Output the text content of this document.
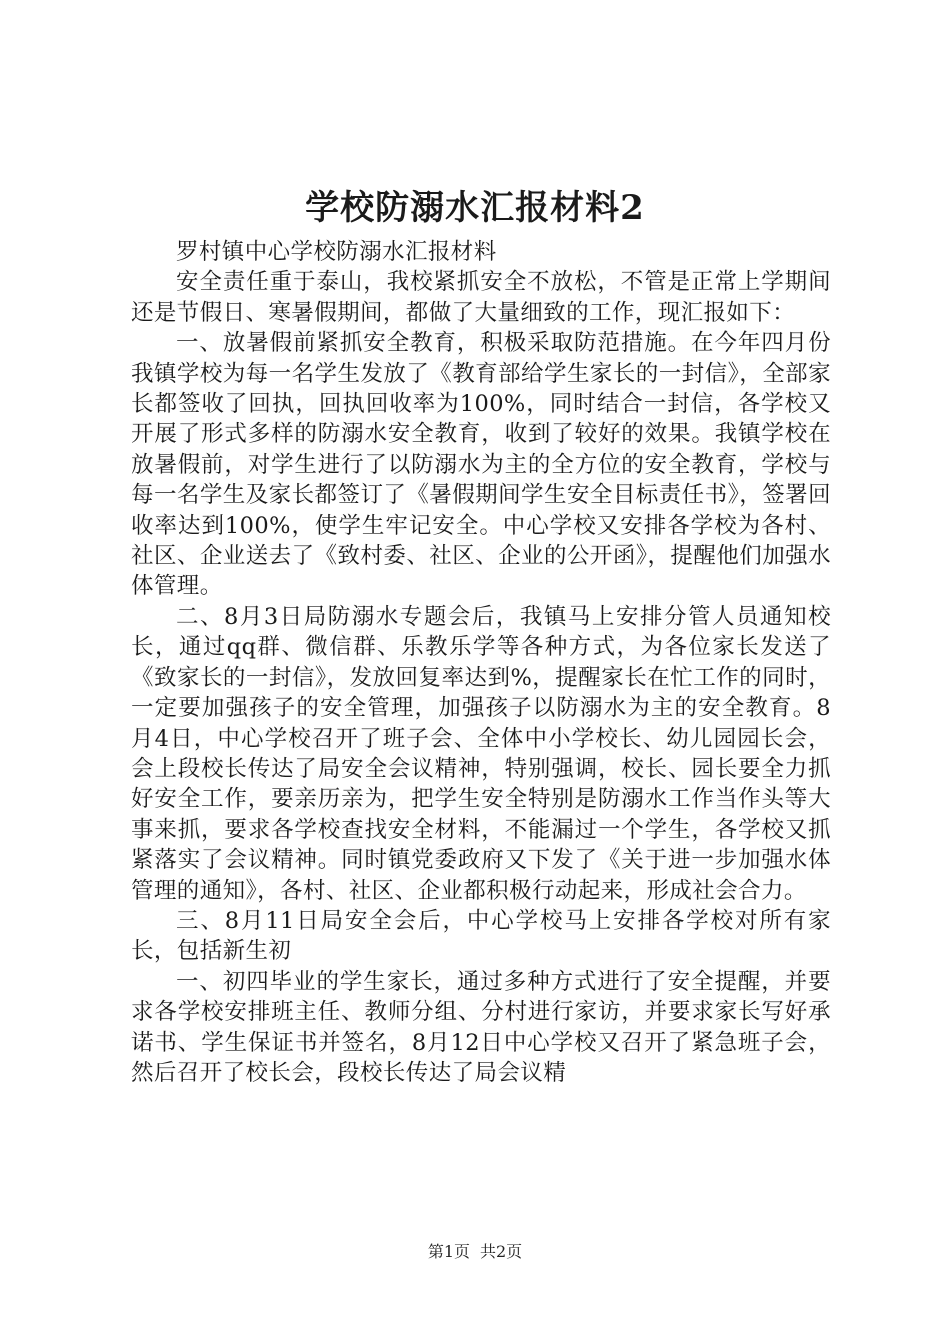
学校防溺水汇报材料2

罗村镇中心学校防溺水汇报材料

安全责任重于泰山，我校紧抓安全不放松，不管是正常上学期间还是节假日、寒暑假期间，都做了大量细致的工作，现汇报如下：

一、放暑假前紧抓安全教育，积极采取防范措施。在今年四月份我镇学校为每一名学生发放了《教育部给学生家长的一封信》，全部家长都签收了回执，回执回收率为100%，同时结合一封信，各学校又开展了形式多样的防溺水安全教育，收到了较好的效果。我镇学校在放暑假前，对学生进行了以防溺水为主的全方位的安全教育，学校与每一名学生及家长都签订了《暑假期间学生安全目标责任书》，签署回收率达到100%，使学生牢记安全。中心学校又安排各学校为各村、社区、企业送去了《致村委、社区、企业的公开函》，提醒他们加强水体管理。

二、8月3日局防溺水专题会后，我镇马上安排分管人员通知校长，通过qq群、微信群、乐教乐学等各种方式，为各位家长发送了《致家长的一封信》，发放回复率达到%，提醒家长在忙工作的同时，一定要加强孩子的安全管理，加强孩子以防溺水为主的安全教育。8月4日，中心学校召开了班子会、全体中小学校长、幼儿园园长会，会上段校长传达了局安全会议精神，特别强调，校长、园长要全力抓好安全工作，要亲历亲为，把学生安全特别是防溺水工作当作头等大事来抓，要求各学校查找安全材料，不能漏过一个学生，各学校又抓紧落实了会议精神。同时镇党委政府又下发了《关于进一步加强水体管理的通知》，各村、社区、企业都积极行动起来，形成社会合力。

三、8月11日局安全会后，中心学校马上安排各学校对所有家长，包括新生初

一、初四毕业的学生家长，通过多种方式进行了安全提醒，并要求各学校安排班主任、教师分组、分村进行家访，并要求家长写好承诺书、学生保证书并签名，8月12日中心学校又召开了紧急班子会，然后召开了校长会，段校长传达了局会议精

第1页 共2页
